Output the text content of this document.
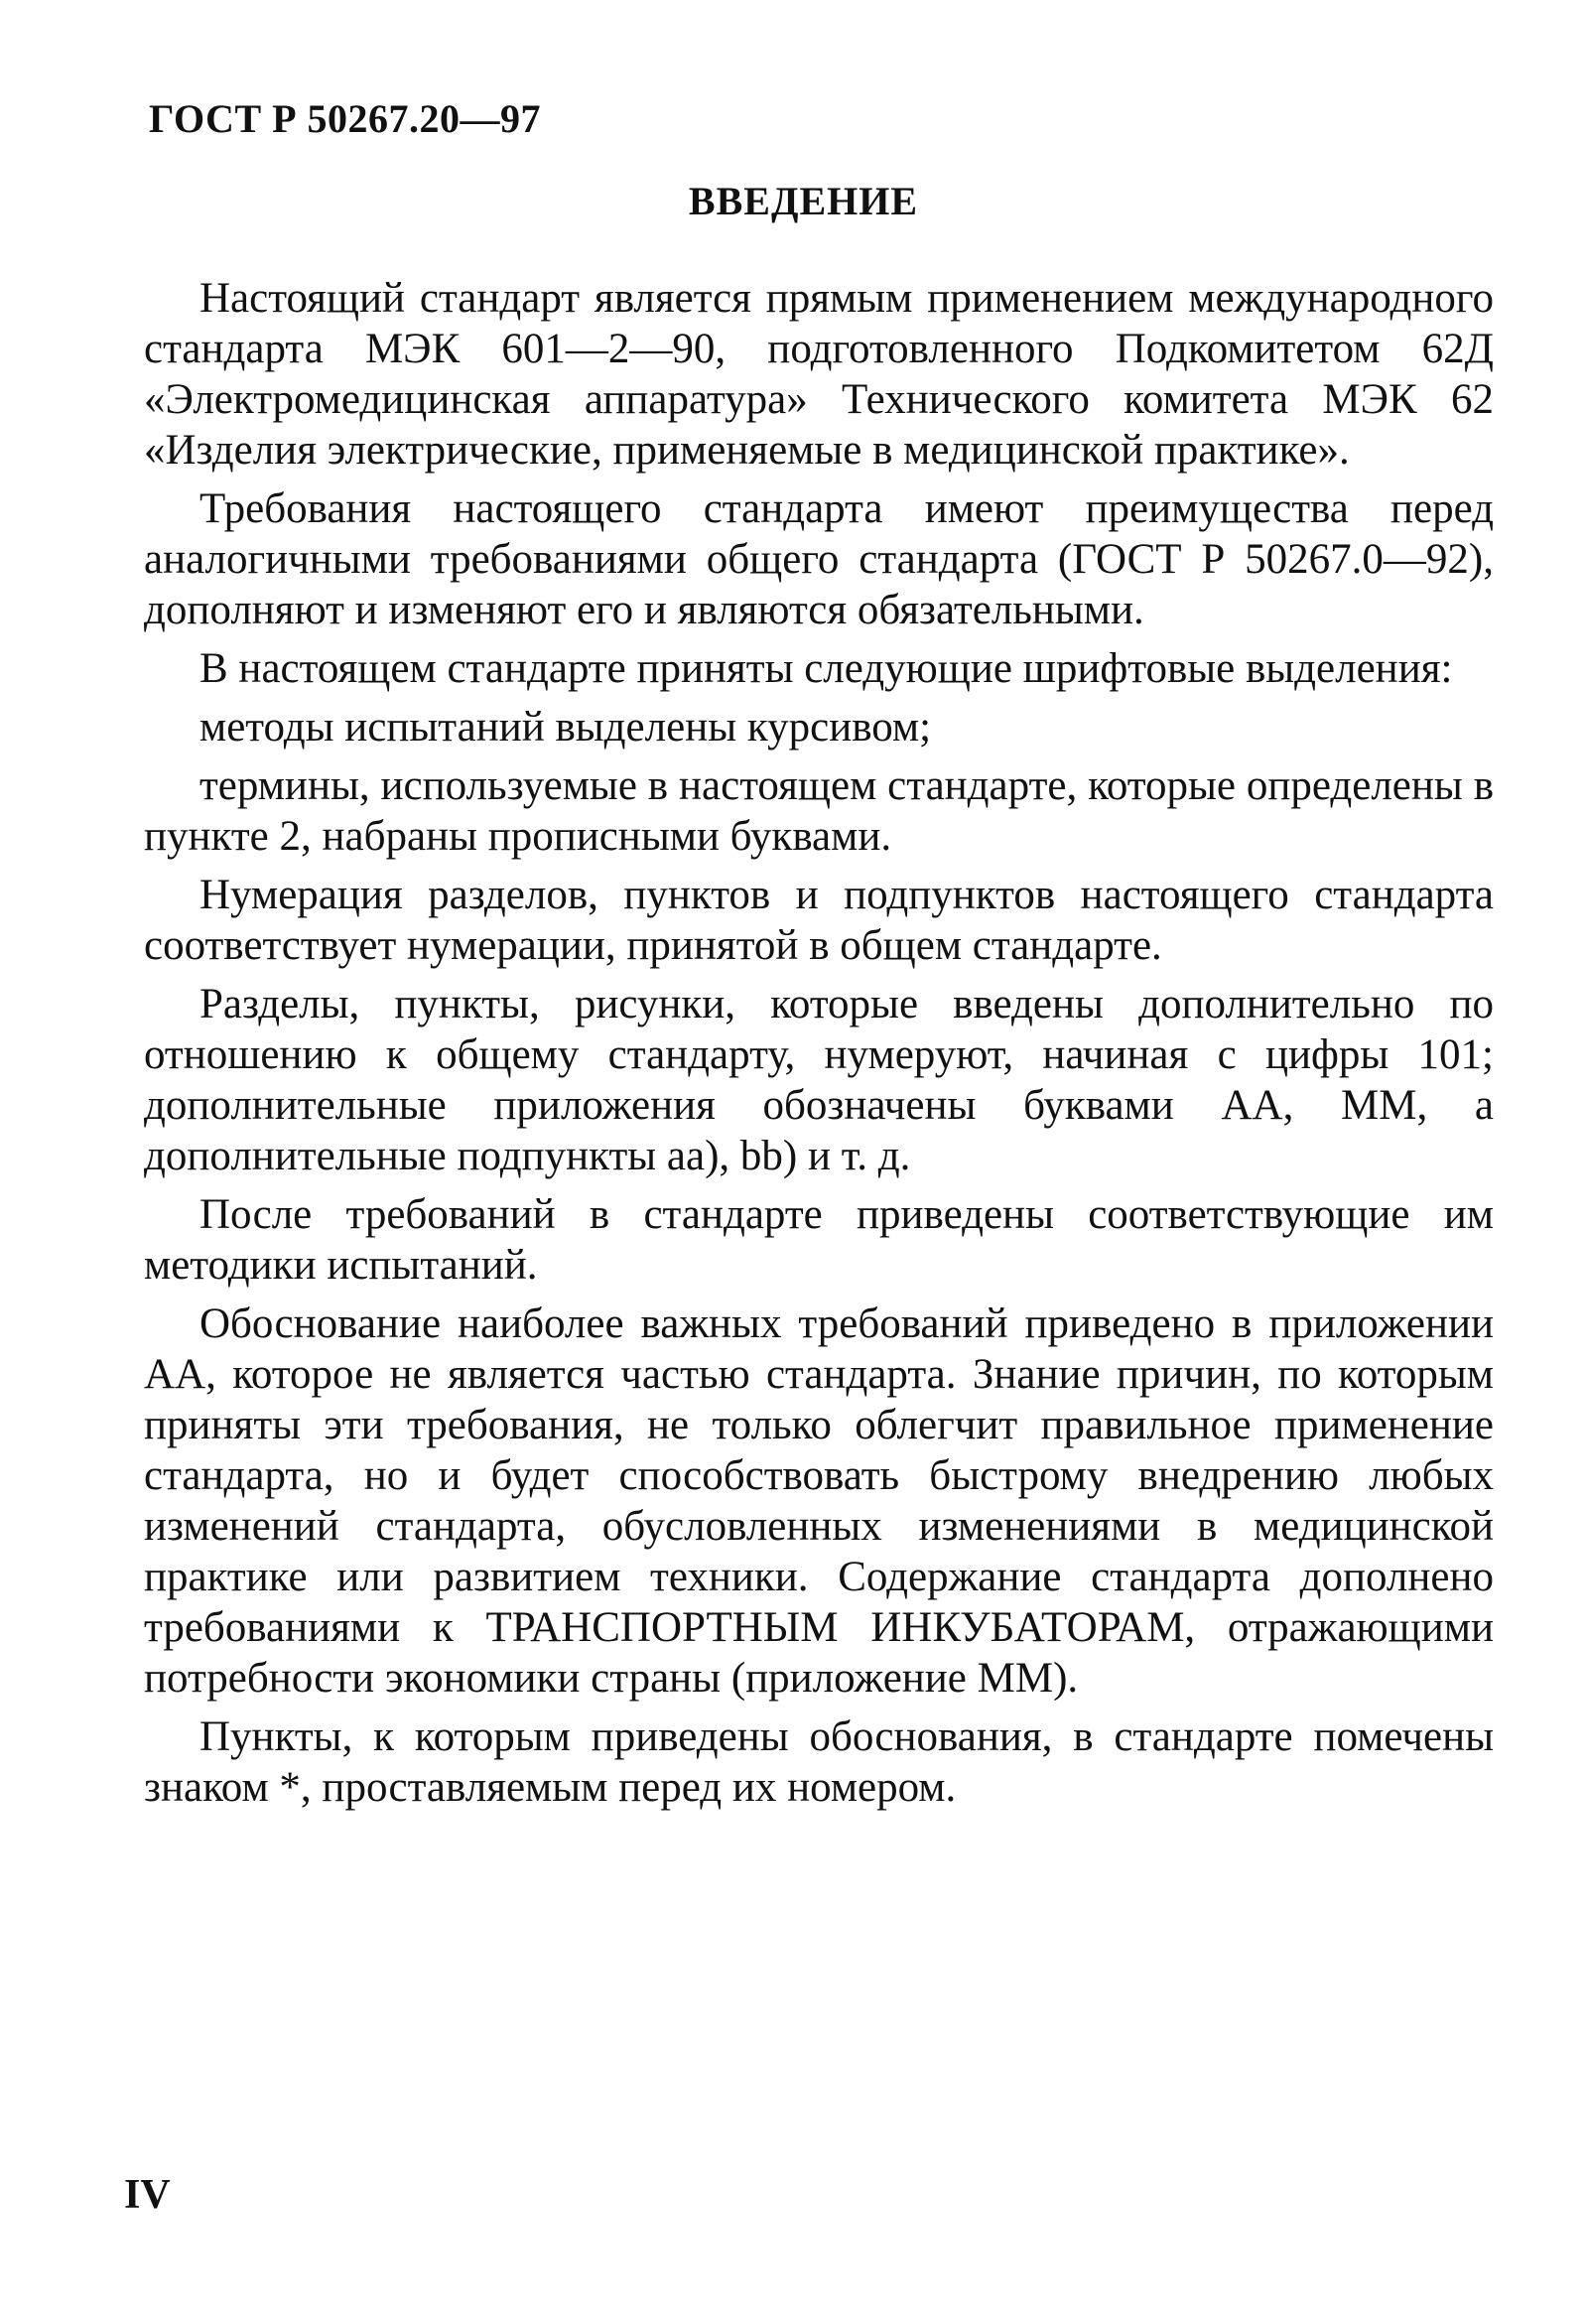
ГОСТ Р 50267.20—97
ВВЕДЕНИЕ

Настоящий стандарт является прямым применением международного стандарта МЭК 601—2—90, подготовленного Подкомитетом 62Д «Электромедицинская аппаратура» Технического комитета МЭК 62 «Изделия электрические, применяемые в медицинской практике».

Требования настоящего стандарта имеют преимущества перед аналогичными требованиями общего стандарта (ГОСТ Р 50267.0—92), дополняют и изменяют его и являются обязательными.

В настоящем стандарте приняты следующие шрифтовые выделения:

методы испытаний выделены курсивом;

термины, используемые в настоящем стандарте, которые определены в пункте 2, набраны прописными буквами.

Нумерация разделов, пунктов и подпунктов настоящего стандарта соответствует нумерации, принятой в общем стандарте.

Разделы, пункты, рисунки, которые введены дополнительно по отношению к общему стандарту, нумеруют, начиная с цифры 101; дополнительные приложения обозначены буквами АА, ММ, а дополнительные подпункты aa), bb) и т. д.

После требований в стандарте приведены соответствующие им методики испытаний.

Обоснование наиболее важных требований приведено в приложении АА, которое не является частью стандарта. Знание причин, по которым приняты эти требования, не только облегчит правильное применение стандарта, но и будет способствовать быстрому внедрению любых изменений стандарта, обусловленных изменениями в медицинской практике или развитием техники. Содержание стандарта дополнено требованиями к ТРАНСПОРТНЫМ ИНКУБАТОРАМ, отражающими потребности экономики страны (приложение ММ).

Пункты, к которым приведены обоснования, в стандарте помечены знаком *, проставляемым перед их номером.

IV
